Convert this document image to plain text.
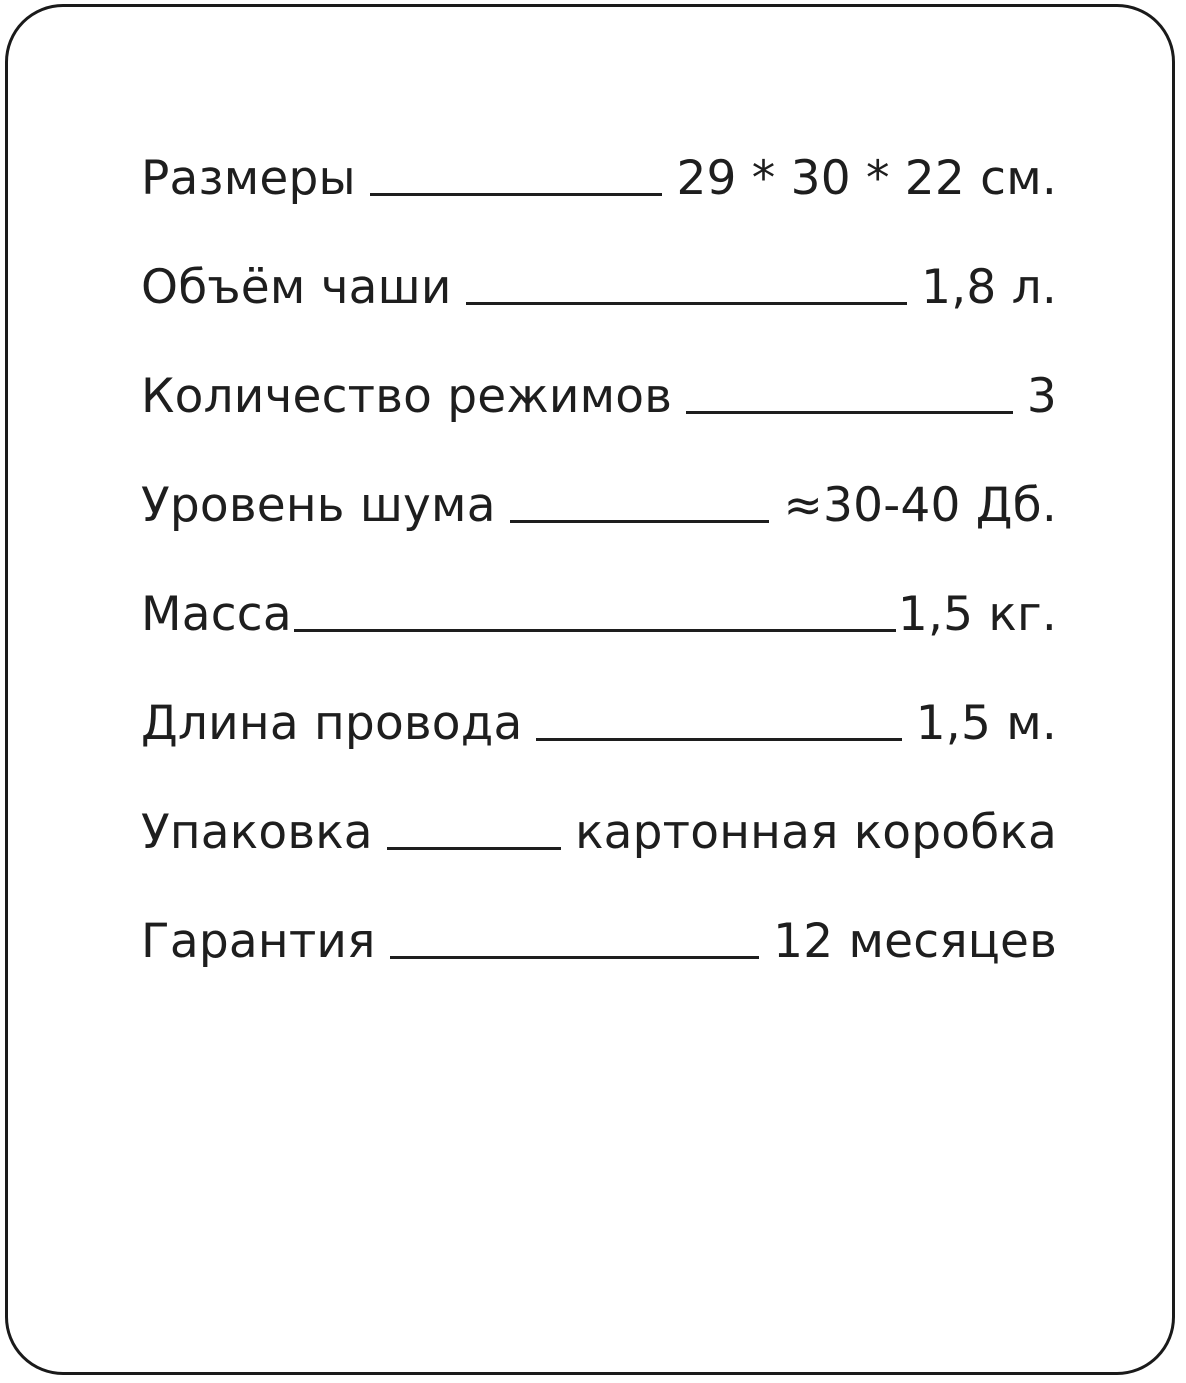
Размеры	29 * 30 * 22 см.
Объём чаши	1,8 л.
Количество режимов	3
Уровень шума	≈30-40 Дб.
Масса	1,5 кг.
Длина провода	1,5 м.
Упаковка	картонная коробка
Гарантия	12 месяцев
